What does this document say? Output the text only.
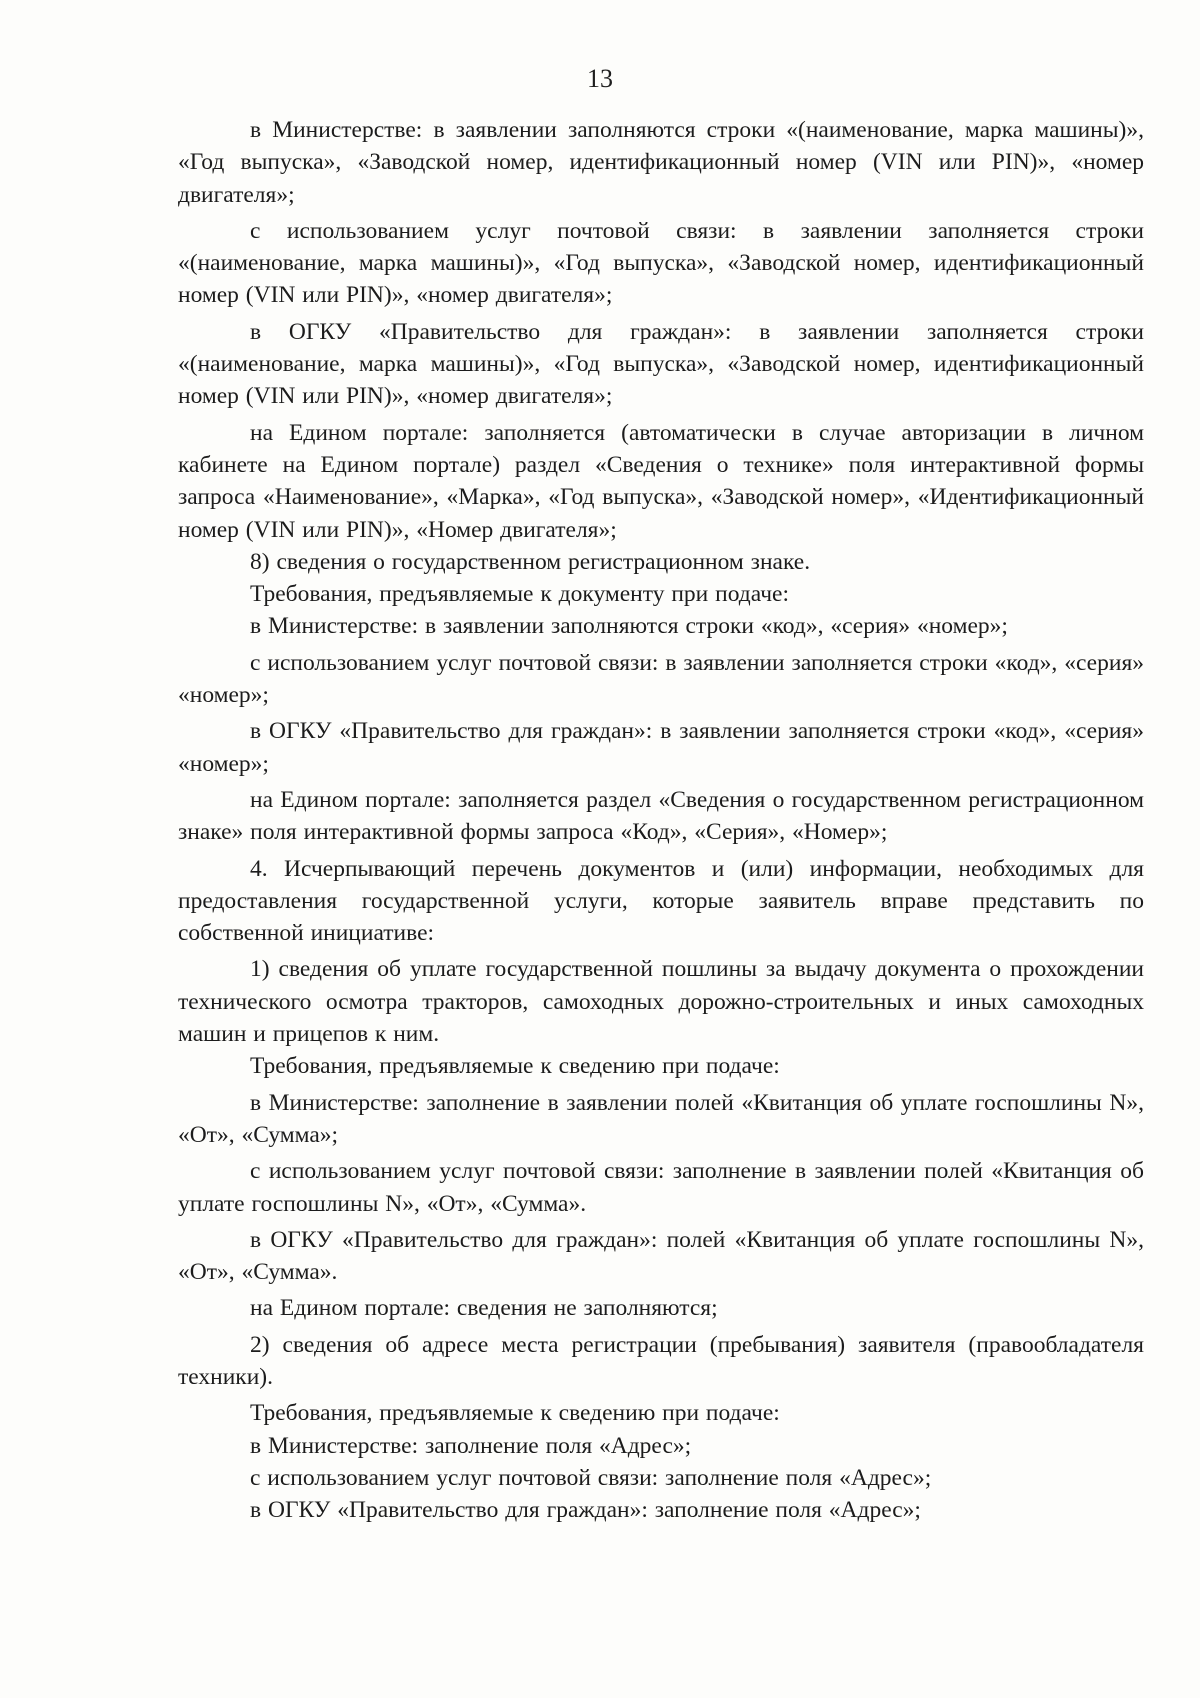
13

в Министерстве: в заявлении заполняются строки «(наименование, марка машины)», «Год выпуска», «Заводской номер, идентификационный номер (VIN или PIN)», «номер двигателя»;

с использованием услуг почтовой связи: в заявлении заполняется строки «(наименование, марка машины)», «Год выпуска», «Заводской номер, идентификационный номер (VIN или PIN)», «номер двигателя»;

в ОГКУ «Правительство для граждан»: в заявлении заполняется строки «(наименование, марка машины)», «Год выпуска», «Заводской номер, идентификационный номер (VIN или PIN)», «номер двигателя»;

на Едином портале: заполняется (автоматически в случае авторизации в личном кабинете на Едином портале) раздел «Сведения о технике» поля интерактивной формы запроса «Наименование», «Марка», «Год выпуска», «Заводской номер», «Идентификационный номер (VIN или PIN)», «Номер двигателя»;

8) сведения о государственном регистрационном знаке.

Требования, предъявляемые к документу при подаче:

в Министерстве: в заявлении заполняются строки «код», «серия» «номер»;

с использованием услуг почтовой связи: в заявлении заполняется строки «код», «серия» «номер»;

в ОГКУ «Правительство для граждан»: в заявлении заполняется строки «код», «серия» «номер»;

на Едином портале: заполняется раздел «Сведения о государственном регистрационном знаке» поля интерактивной формы запроса «Код», «Серия», «Номер»;

4. Исчерпывающий перечень документов и (или) информации, необходимых для предоставления государственной услуги, которые заявитель вправе представить по собственной инициативе:

1) сведения об уплате государственной пошлины за выдачу документа о прохождении технического осмотра тракторов, самоходных дорожно-строительных и иных самоходных машин и прицепов к ним.

Требования, предъявляемые к сведению при подаче:

в Министерстве: заполнение в заявлении полей «Квитанция об уплате госпошлины N», «От», «Сумма»;

с использованием услуг почтовой связи: заполнение в заявлении полей «Квитанция об уплате госпошлины N», «От», «Сумма».

в ОГКУ «Правительство для граждан»: полей «Квитанция об уплате госпошлины N», «От», «Сумма».

на Едином портале: сведения не заполняются;

2) сведения об адресе места регистрации (пребывания) заявителя (правообладателя техники).

Требования, предъявляемые к сведению при подаче:

в Министерстве: заполнение поля «Адрес»;

с использованием услуг почтовой связи: заполнение поля «Адрес»;

в ОГКУ «Правительство для граждан»: заполнение поля «Адрес»;
